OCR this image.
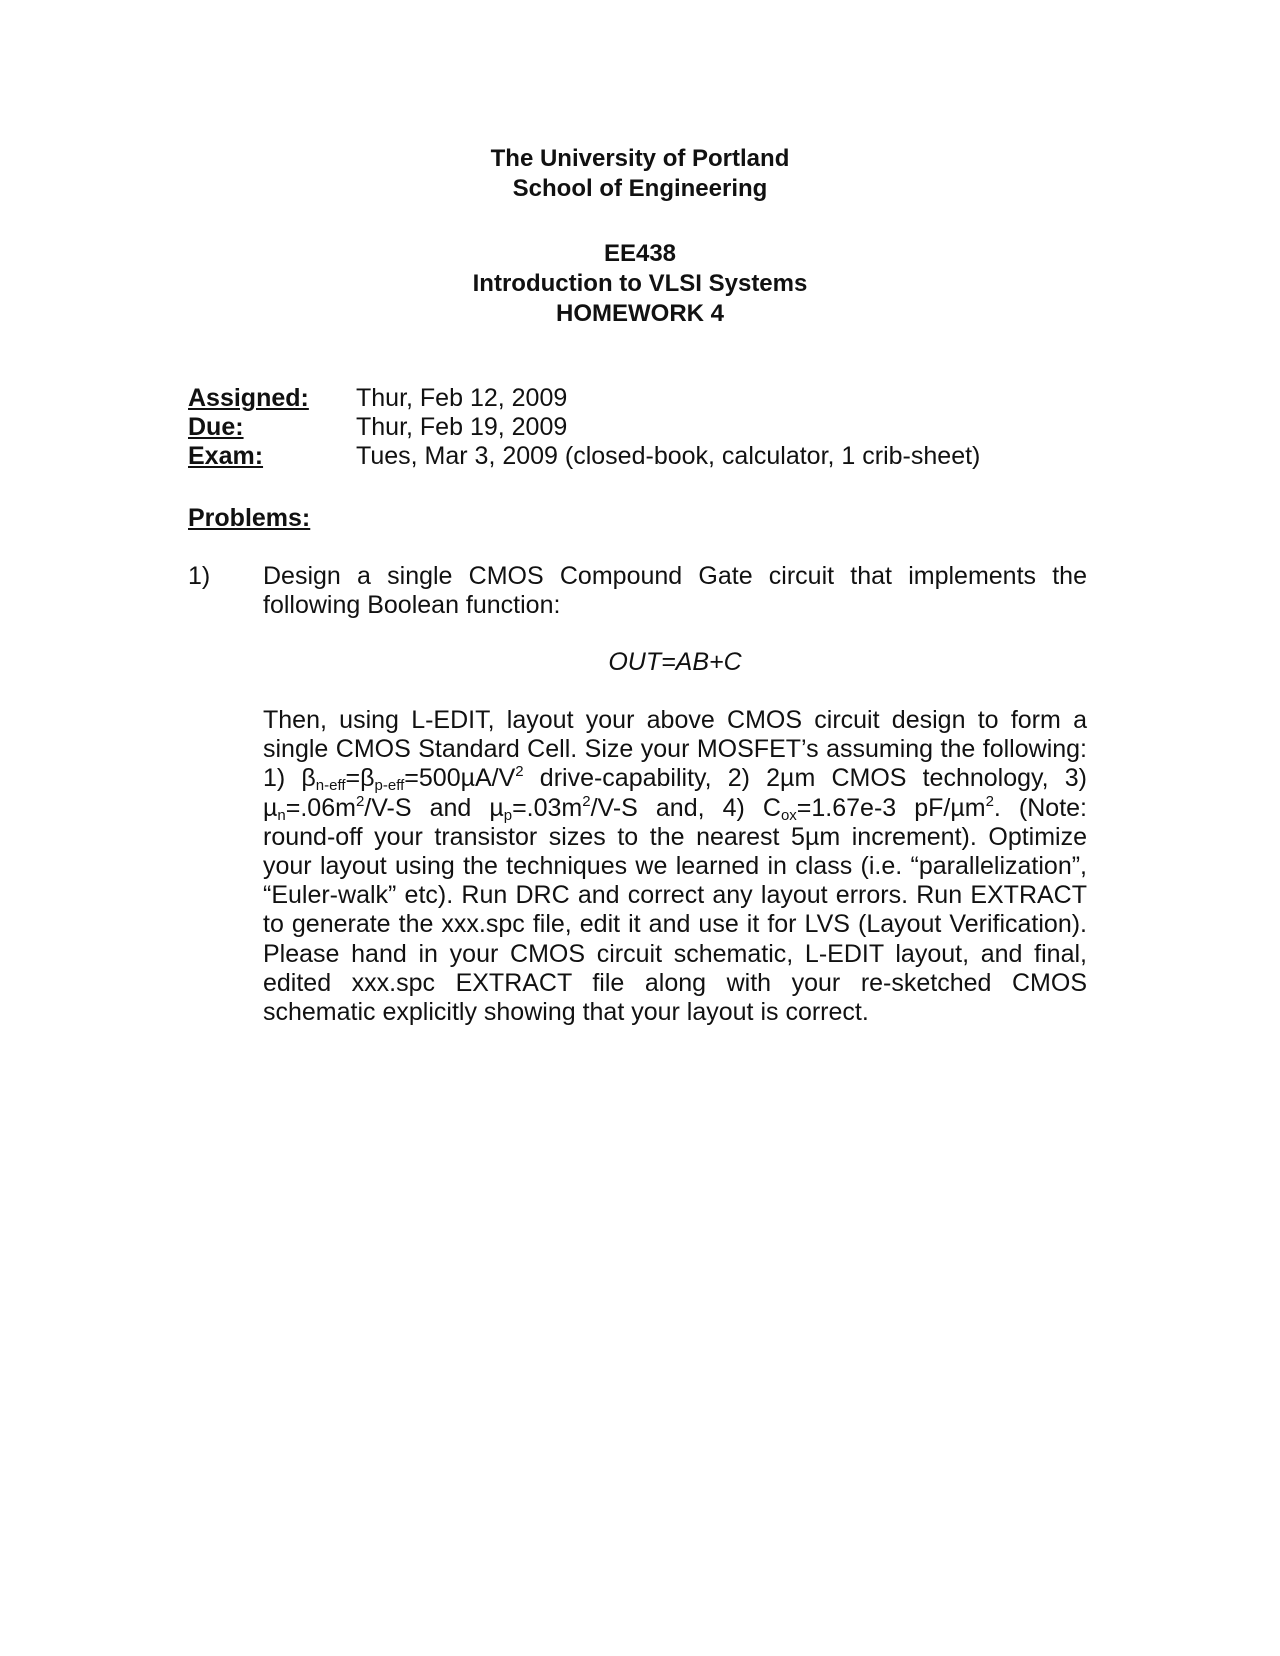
The University of Portland
School of Engineering
EE438
Introduction to VLSI Systems
HOMEWORK 4
Assigned:	Thur, Feb 12, 2009
Due:	Thur, Feb 19, 2009
Exam:	Tues, Mar 3, 2009 (closed-book, calculator, 1 crib-sheet)
Problems:
1) Design a single CMOS Compound Gate circuit that implements the following Boolean function:
OUT=AB+C
Then, using L-EDIT, layout your above CMOS circuit design to form a single CMOS Standard Cell. Size your MOSFET’s assuming the following: 1) $\beta_{n-eff}=\beta_{p-eff}=500\mu A/V^2$ drive-capability, 2) 2µm CMOS technology, 3) $\mu_n=.06m^2/V-S$ and $\mu_p=.03m^2/V-S$ and, 4) $C_{ox}=1.67e-3$ pF/µm$^2$. (Note: round-off your transistor sizes to the nearest 5µm increment). Optimize your layout using the techniques we learned in class (i.e. “parallelization”, “Euler-walk” etc). Run DRC and correct any layout errors. Run EXTRACT to generate the xxx.spc file, edit it and use it for LVS (Layout Verification). Please hand in your CMOS circuit schematic, L-EDIT layout, and final, edited xxx.spc EXTRACT file along with your re-sketched CMOS schematic explicitly showing that your layout is correct.
